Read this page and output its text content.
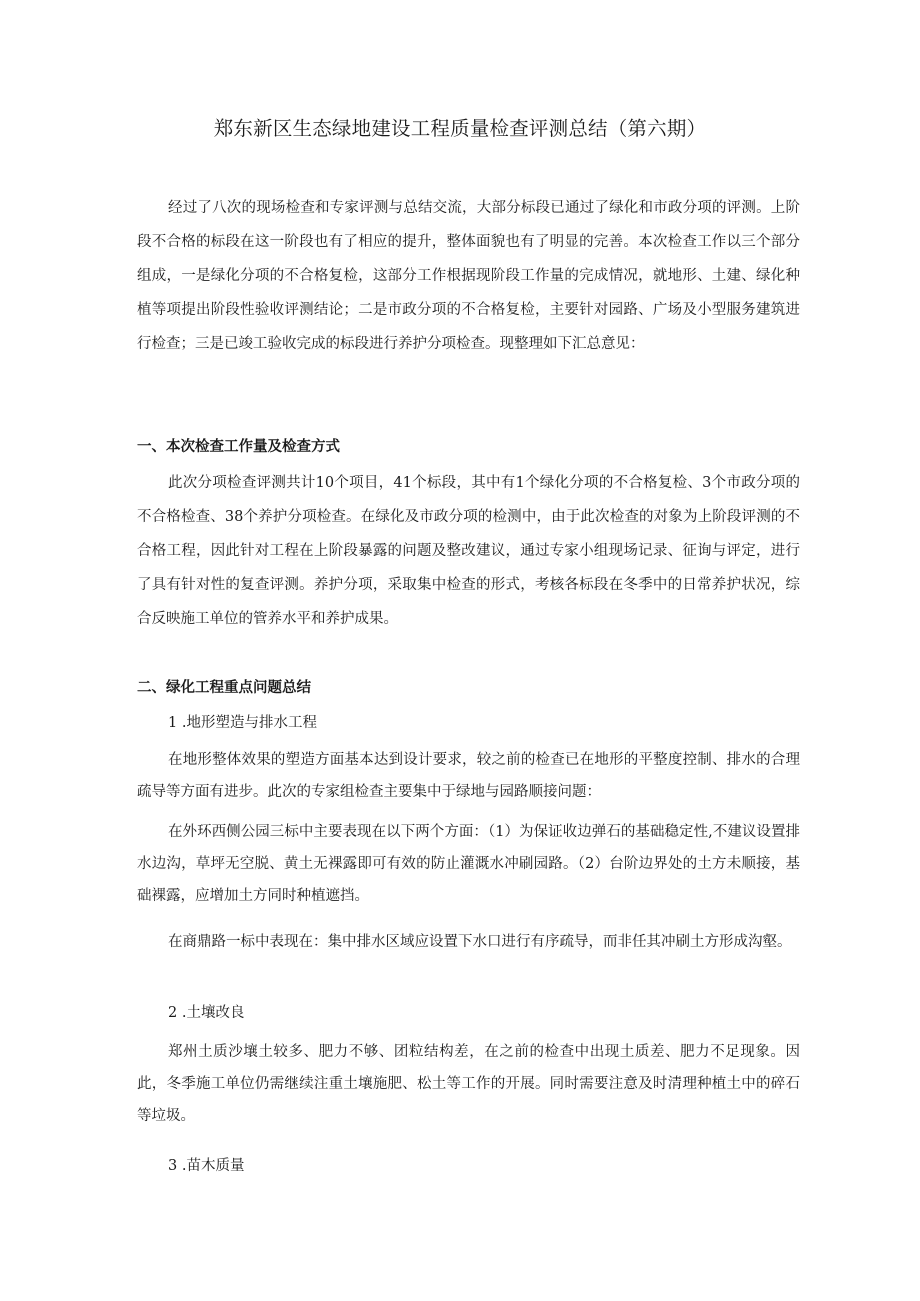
郑东新区生态绿地建设工程质量检查评测总结（第六期）

经过了八次的现场检查和专家评测与总结交流，大部分标段已通过了绿化和市政分项的评测。上阶段不合格的标段在这一阶段也有了相应的提升，整体面貌也有了明显的完善。本次检查工作以三个部分组成，一是绿化分项的不合格复检，这部分工作根据现阶段工作量的完成情况，就地形、土建、绿化种植等项提出阶段性验收评测结论；二是市政分项的不合格复检，主要针对园路、广场及小型服务建筑进行检查；三是已竣工验收完成的标段进行养护分项检查。现整理如下汇总意见：

一、本次检查工作量及检查方式

此次分项检查评测共计10个项目，41个标段，其中有1个绿化分项的不合格复检、3个市政分项的不合格检查、38个养护分项检查。在绿化及市政分项的检测中，由于此次检查的对象为上阶段评测的不合格工程，因此针对工程在上阶段暴露的问题及整改建议，通过专家小组现场记录、征询与评定，进行了具有针对性的复查评测。养护分项，采取集中检查的形式，考核各标段在冬季中的日常养护状况，综合反映施工单位的管养水平和养护成果。

二、绿化工程重点问题总结

1 .地形塑造与排水工程

在地形整体效果的塑造方面基本达到设计要求，较之前的检查已在地形的平整度控制、排水的合理疏导等方面有进步。此次的专家组检查主要集中于绿地与园路顺接问题：

在外环西侧公园三标中主要表现在以下两个方面：（1）为保证收边弹石的基础稳定性,不建议设置排水边沟，草坪无空脱、黄土无裸露即可有效的防止灌溉水冲刷园路。（2）台阶边界处的土方未顺接，基础裸露，应增加土方同时种植遮挡。

在商鼎路一标中表现在：集中排水区域应设置下水口进行有序疏导，而非任其冲刷土方形成沟壑。

2 .土壤改良

郑州土质沙壤土较多、肥力不够、团粒结构差，在之前的检查中出现土质差、肥力不足现象。因此，冬季施工单位仍需继续注重土壤施肥、松土等工作的开展。同时需要注意及时清理种植土中的碎石等垃圾。

3 .苗木质量
